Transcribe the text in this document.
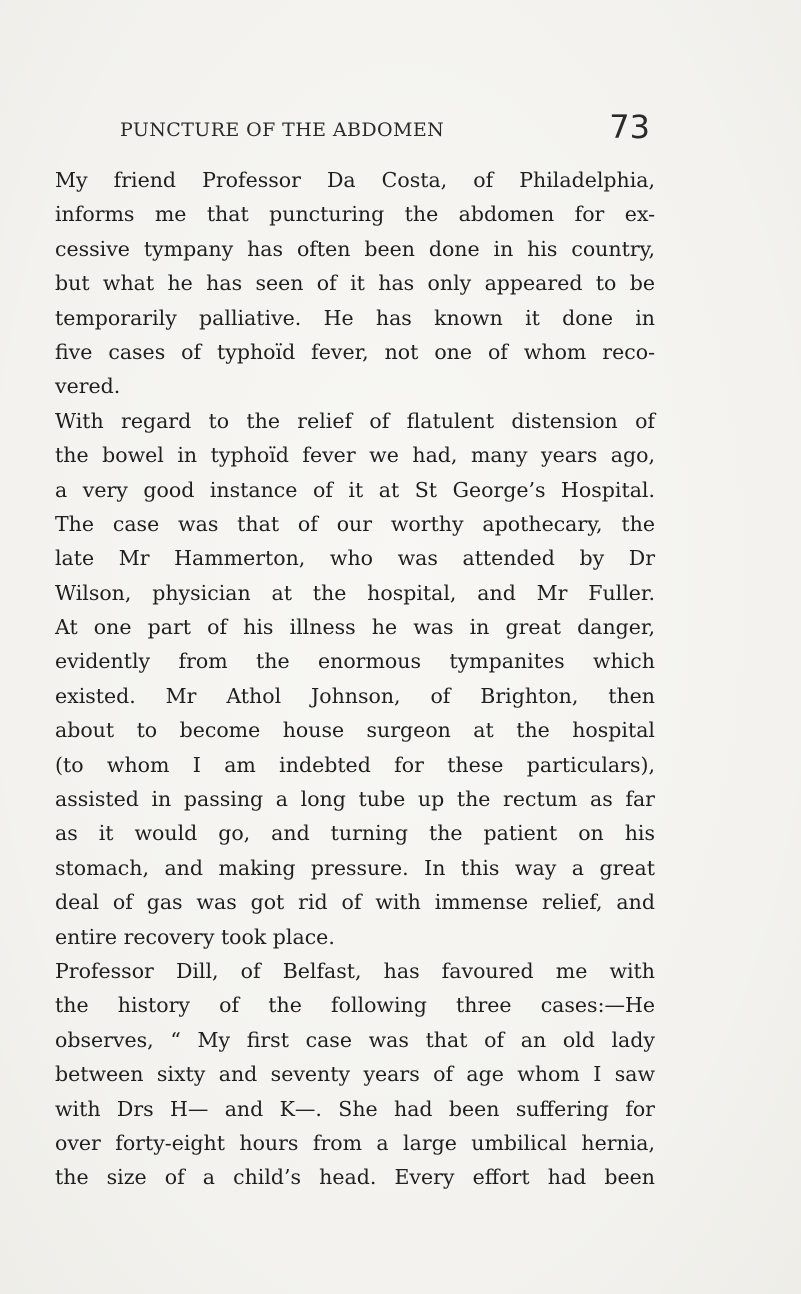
PUNCTURE OF THE ABDOMEN	73
My friend Professor Da Costa, of Philadelphia,
informs me that puncturing the abdomen for ex-
cessive tympany has often been done in his country,
but what he has seen of it has only appeared to be
temporarily palliative. He has known it done in
five cases of typhoïd fever, not one of whom reco-
vered.
With regard to the relief of flatulent distension of
the bowel in typhoïd fever we had, many years ago,
a very good instance of it at St George’s Hospital.
The case was that of our worthy apothecary, the
late Mr Hammerton, who was attended by Dr
Wilson, physician at the hospital, and Mr Fuller.
At one part of his illness he was in great danger,
evidently from the enormous tympanites which
existed. Mr Athol Johnson, of Brighton, then
about to become house surgeon at the hospital
(to whom I am indebted for these particulars),
assisted in passing a long tube up the rectum as far
as it would go, and turning the patient on his
stomach, and making pressure. In this way a great
deal of gas was got rid of with immense relief, and
entire recovery took place.
Professor Dill, of Belfast, has favoured me with
the history of the following three cases:—He
observes, “ My first case was that of an old lady
between sixty and seventy years of age whom I saw
with Drs H— and K—. She had been suffering for
over forty-eight hours from a large umbilical hernia,
the size of a child’s head. Every effort had been
